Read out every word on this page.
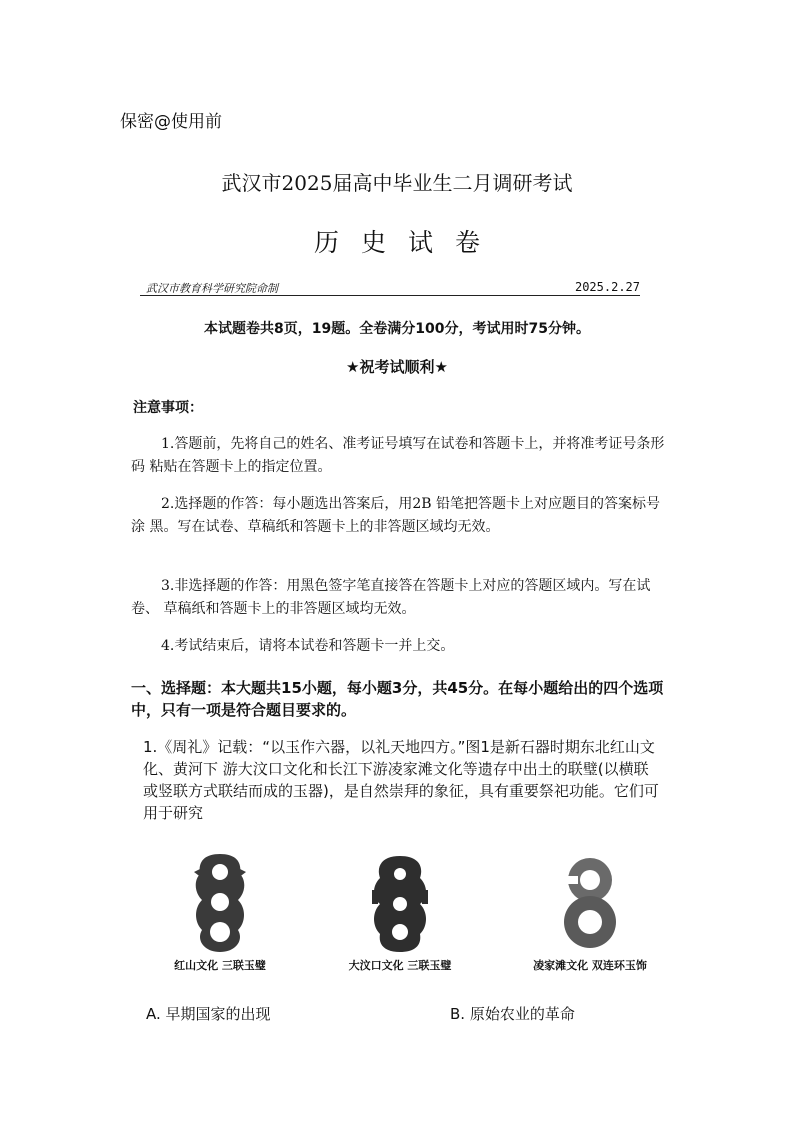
保密@使用前
武汉市2025届高中毕业生二月调研考试
历史试卷
武汉市教育科学研究院命制	2025.2.27
本试题卷共8页，19题。全卷满分100分，考试用时75分钟。
★祝考试顺利★
注意事项：
1.答题前，先将自己的姓名、准考证号填写在试卷和答题卡上，并将准考证号条形码 粘贴在答题卡上的指定位置。
2.选择题的作答：每小题选出答案后，用2B 铅笔把答题卡上对应题目的答案标号涂 黑。写在试卷、草稿纸和答题卡上的非答题区域均无效。
3.非选择题的作答：用黑色签字笔直接答在答题卡上对应的答题区域内。写在试卷、 草稿纸和答题卡上的非答题区域均无效。
4.考试结束后，请将本试卷和答题卡一并上交。
一、选择题：本大题共15小题，每小题3分，共45分。在每小题给出的四个选项中，只有一项是符合题目要求的。
1.《周礼》记载：“以玉作六器，以礼天地四方。”图1是新石器时期东北红山文化、黄河下 游大汶口文化和长江下游凌家滩文化等遗存中出土的联璧(以横联或竖联方式联结而成的玉器)，是自然崇拜的象征，具有重要祭祀功能。它们可用于研究
红山文化 三联玉璧	大汶口文化 三联玉璧	凌家滩文化 双连环玉饰
A. 早期国家的出现	B. 原始农业的革命
